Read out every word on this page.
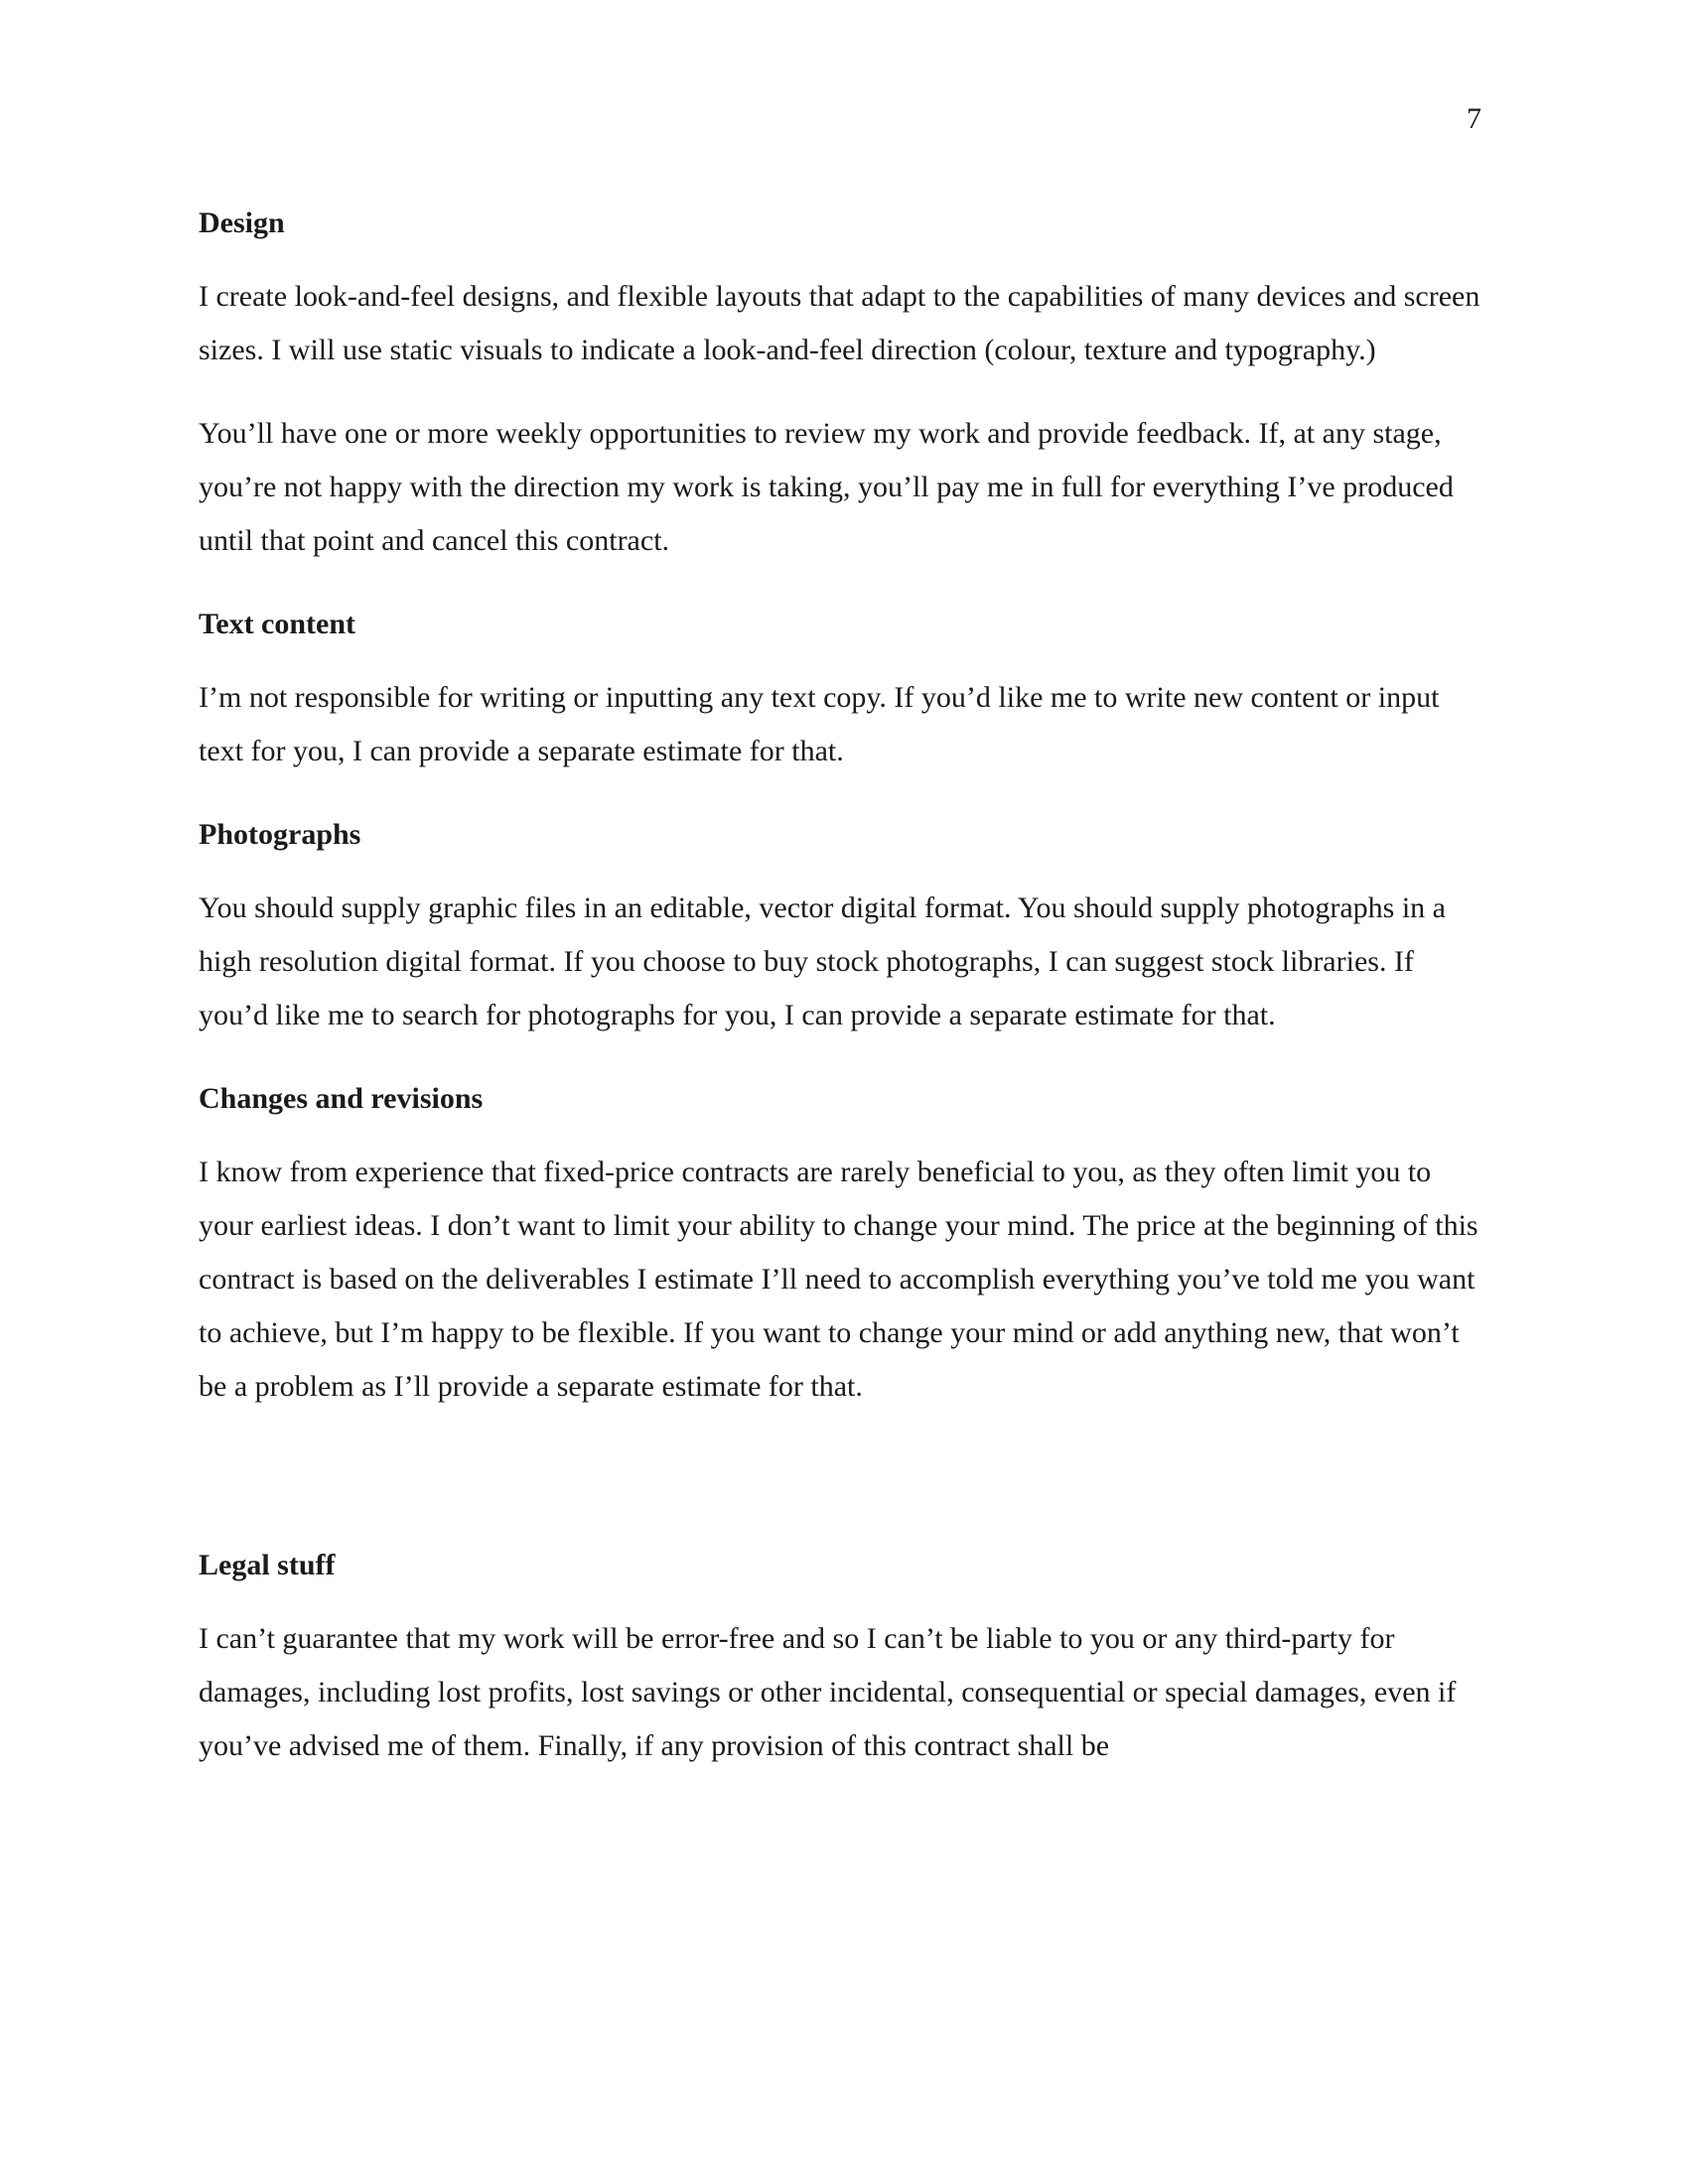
7
Design

I create look-and-feel designs, and flexible layouts that adapt to the capabilities of many devices and screen sizes. I will use static visuals to indicate a look-and-feel direction (colour, texture and typography.)

You’ll have one or more weekly opportunities to review my work and provide feedback. If, at any stage, you’re not happy with the direction my work is taking, you’ll pay me in full for everything I’ve produced until that point and cancel this contract.

Text content

I’m not responsible for writing or inputting any text copy. If you’d like me to write new content or input text for you, I can provide a separate estimate for that.

Photographs

You should supply graphic files in an editable, vector digital format. You should supply photographs in a high resolution digital format. If you choose to buy stock photographs, I can suggest stock libraries. If you’d like me to search for photographs for you, I can provide a separate estimate for that.

Changes and revisions

I know from experience that fixed-price contracts are rarely beneficial to you, as they often limit you to your earliest ideas. I don’t want to limit your ability to change your mind. The price at the beginning of this contract is based on the deliverables I estimate I’ll need to accomplish everything you’ve told me you want to achieve, but I’m happy to be flexible. If you want to change your mind or add anything new, that won’t be a problem as I’ll provide a separate estimate for that.

Legal stuff

I can’t guarantee that my work will be error-free and so I can’t be liable to you or any third-party for damages, including lost profits, lost savings or other incidental, consequential or special damages, even if you’ve advised me of them. Finally, if any provision of this contract shall be
